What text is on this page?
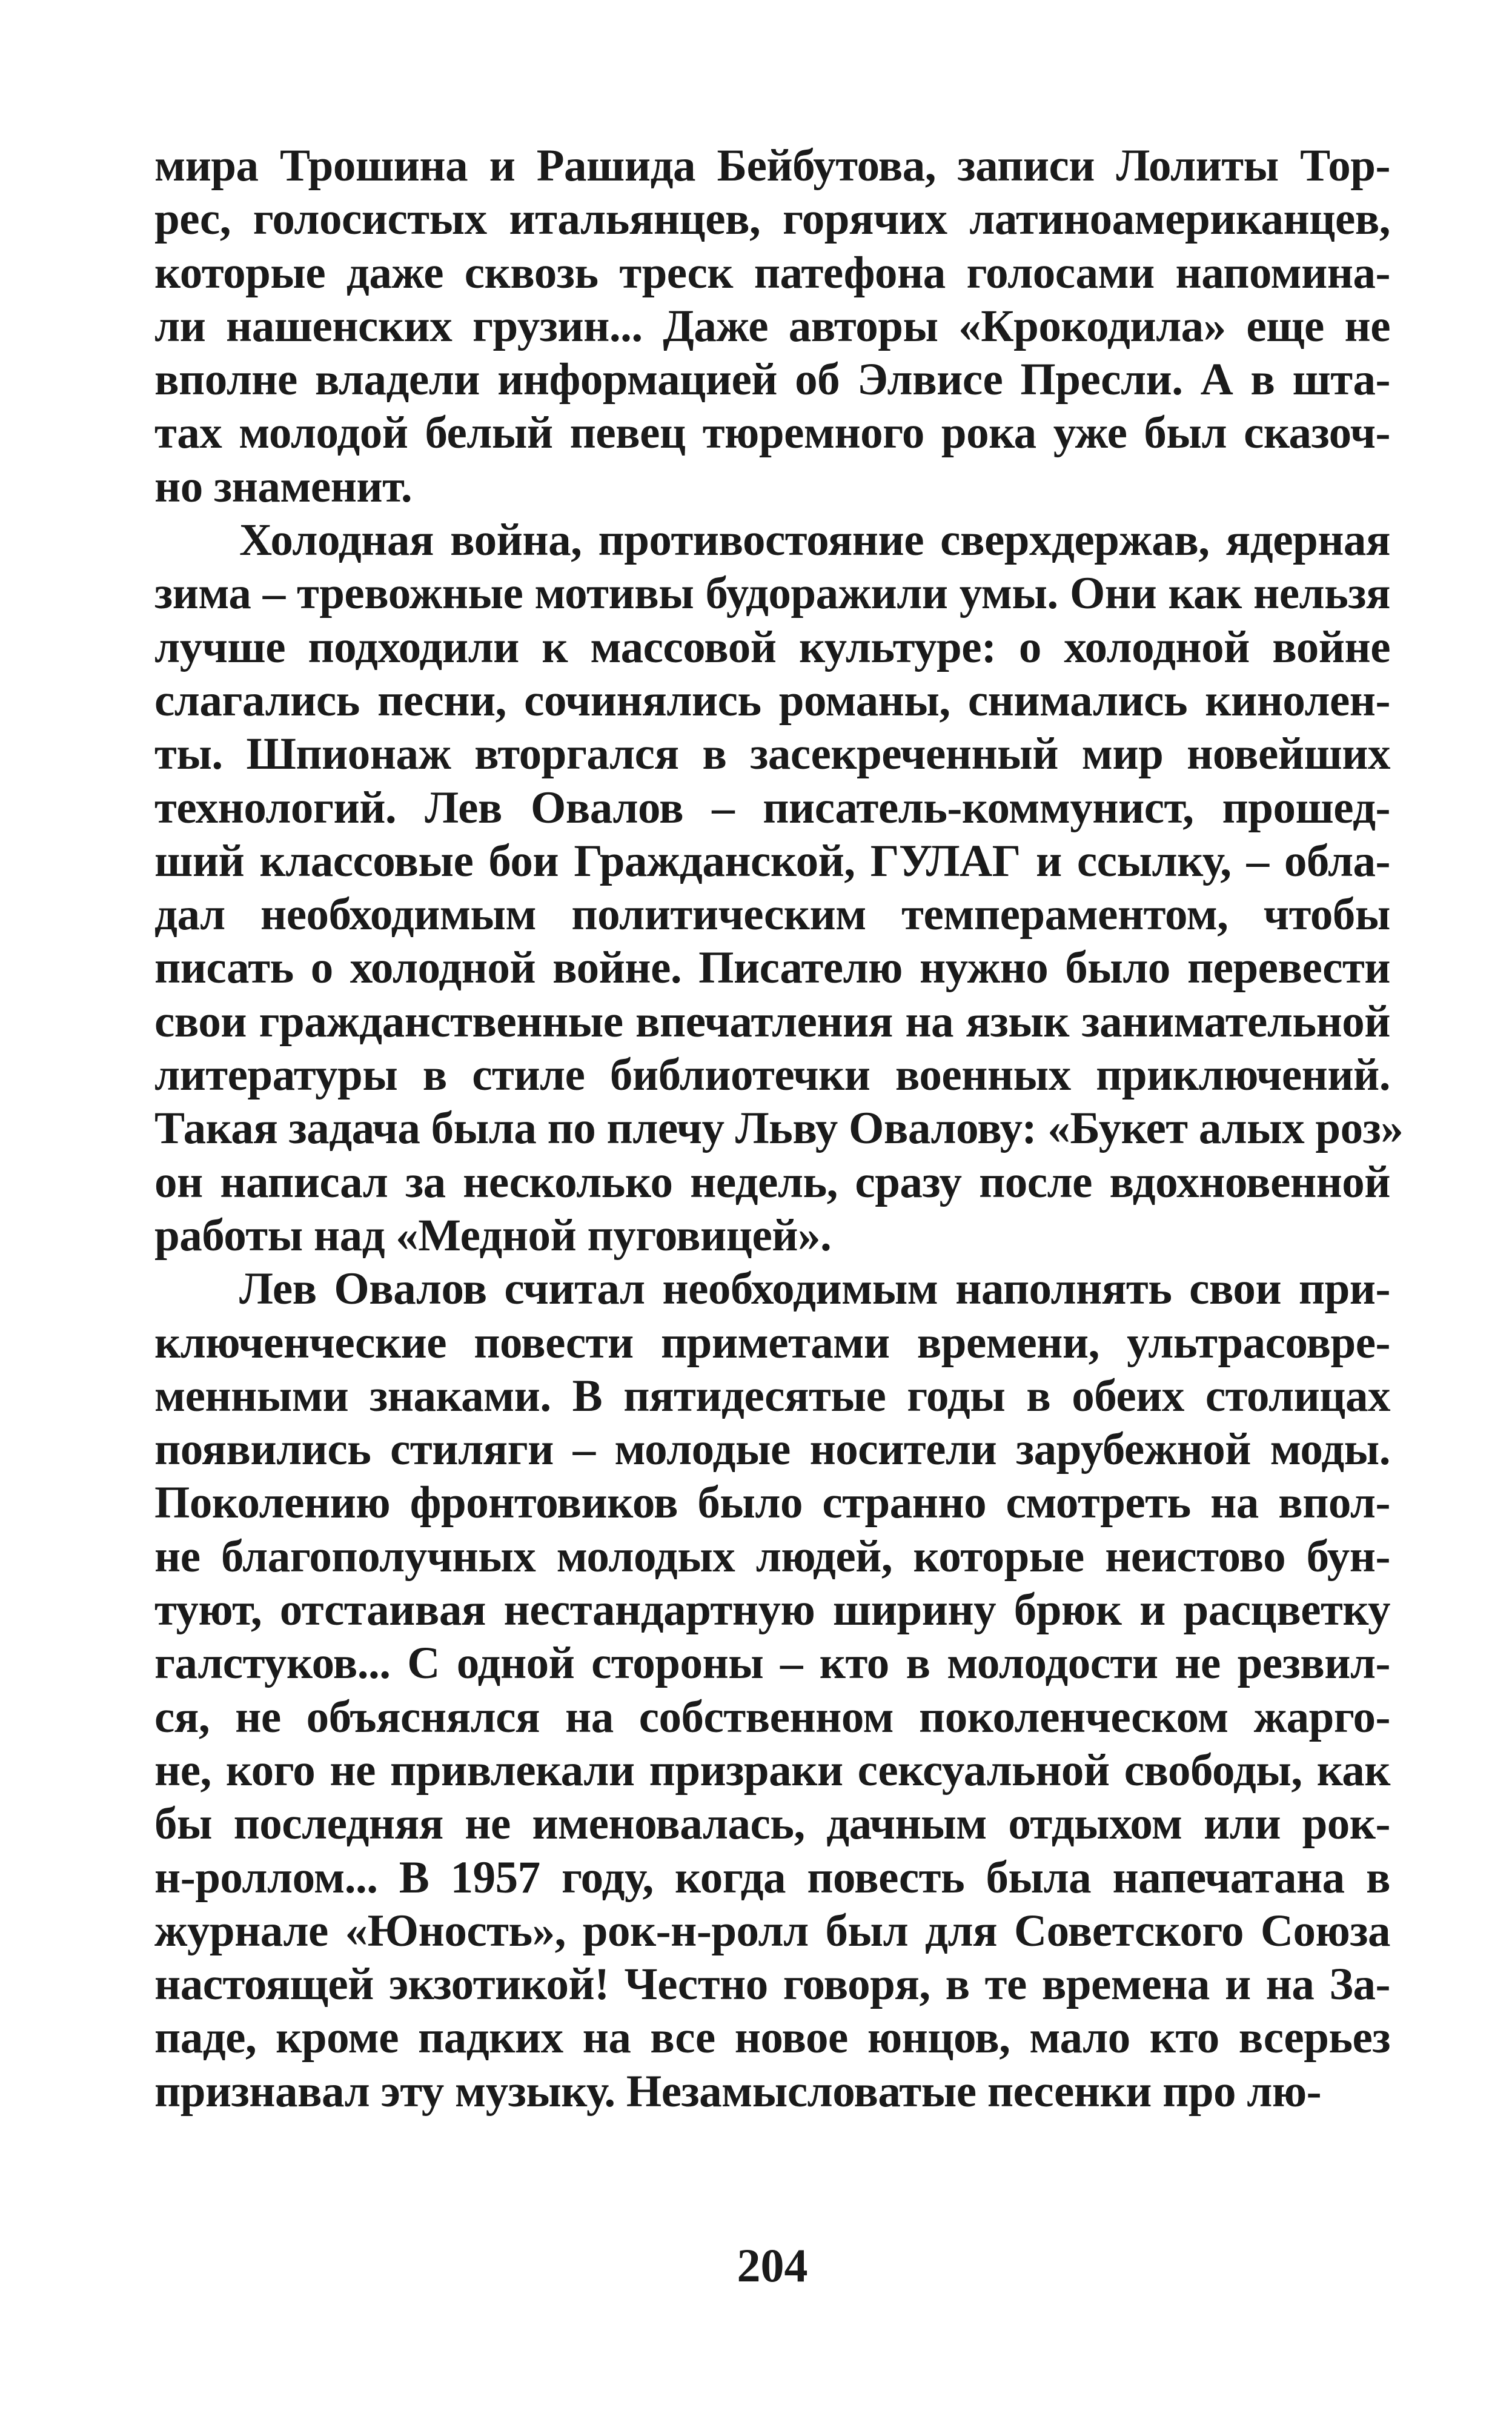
мира Трошина и Рашида Бейбутова, записи Лолиты Тор-
рес, голосистых итальянцев, горячих латиноамериканцев,
которые даже сквозь треск патефона голосами напомина-
ли нашенских грузин... Даже авторы «Крокодила» еще не
вполне владели информацией об Элвисе Пресли. А в шта-
тах молодой белый певец тюремного рока уже был сказоч-
но знаменит.
Холодная война, противостояние сверхдержав, ядерная
зима – тревожные мотивы будоражили умы. Они как нельзя
лучше подходили к массовой культуре: о холодной войне
слагались песни, сочинялись романы, снимались кинолен-
ты. Шпионаж вторгался в засекреченный мир новейших
технологий. Лев Овалов – писатель-коммунист, прошед-
ший классовые бои Гражданской, ГУЛАГ и ссылку, – обла-
дал необходимым политическим темпераментом, чтобы
писать о холодной войне. Писателю нужно было перевести
свои гражданственные впечатления на язык занимательной
литературы в стиле библиотечки военных приключений.
Такая задача была по плечу Льву Овалову: «Букет алых роз»
он написал за несколько недель, сразу после вдохновенной
работы над «Медной пуговицей».
Лев Овалов считал необходимым наполнять свои при-
ключенческие повести приметами времени, ультрасовре-
менными знаками. В пятидесятые годы в обеих столицах
появились стиляги – молодые носители зарубежной моды.
Поколению фронтовиков было странно смотреть на впол-
не благополучных молодых людей, которые неистово бун-
туют, отстаивая нестандартную ширину брюк и расцветку
галстуков... С одной стороны – кто в молодости не резвил-
ся, не объяснялся на собственном поколенческом жарго-
не, кого не привлекали призраки сексуальной свободы, как
бы последняя не именовалась, дачным отдыхом или рок-
н-роллом... В 1957 году, когда повесть была напечатана в
журнале «Юность», рок-н-ролл был для Советского Союза
настоящей экзотикой! Честно говоря, в те времена и на За-
паде, кроме падких на все новое юнцов, мало кто всерьез
признавал эту музыку. Незамысловатые песенки про лю-
204
